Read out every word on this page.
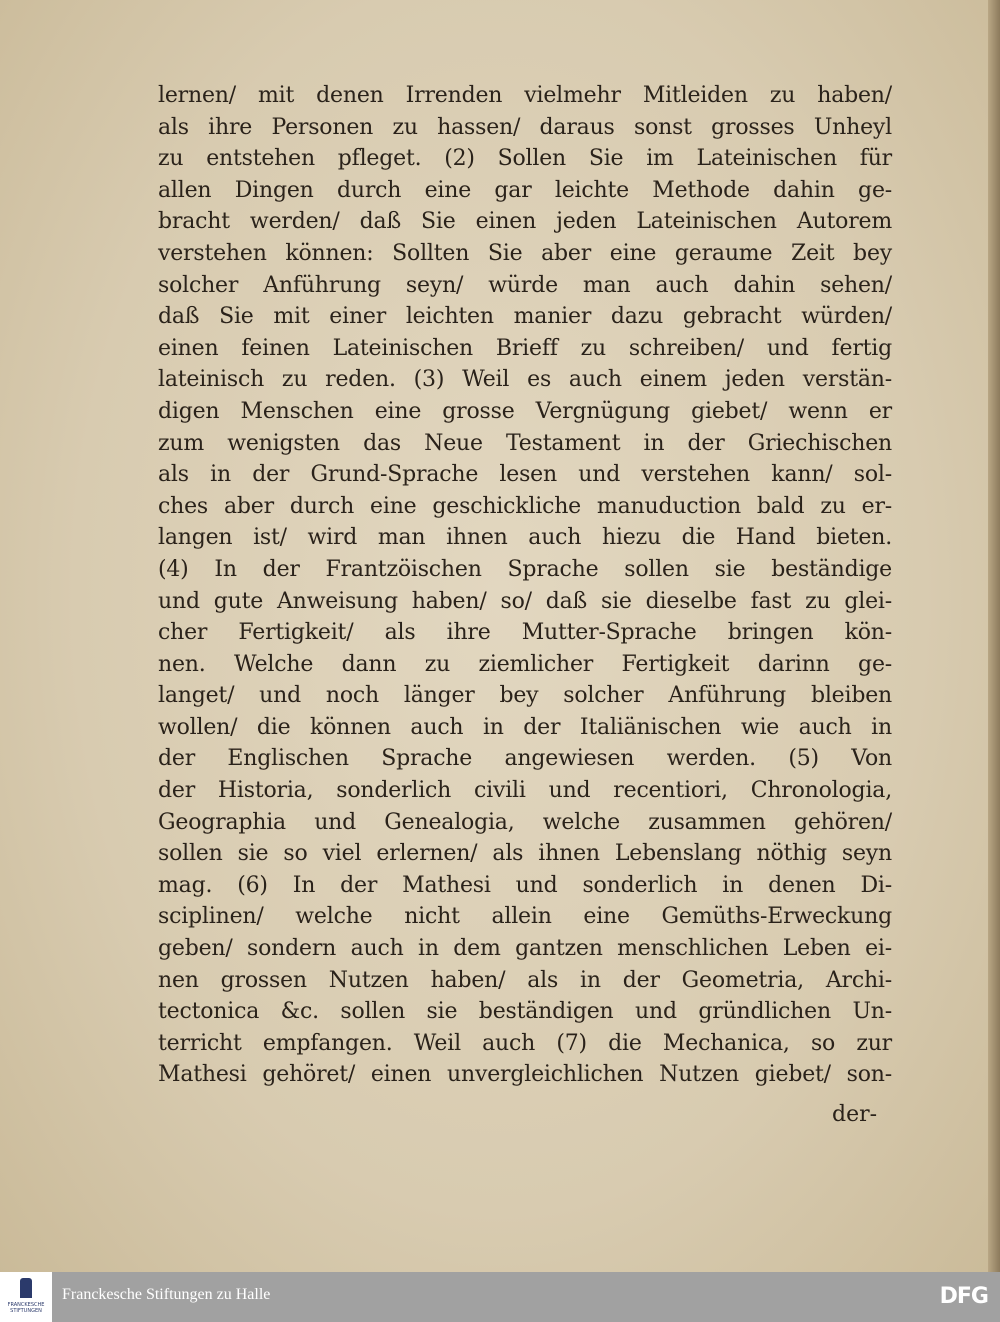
lernen/ mit denen Irrenden vielmehr Mitleiden zu haben/
als ihre Personen zu hassen/ daraus sonst grosses Unheyl
zu entstehen pfleget. (2) Sollen Sie im Lateinischen für
allen Dingen durch eine gar leichte Methode dahin ge-
bracht werden/ daß Sie einen jeden Lateinischen Autorem
verstehen können: Sollten Sie aber eine geraume Zeit bey
solcher Anführung seyn/ würde man auch dahin sehen/
daß Sie mit einer leichten manier dazu gebracht würden/
einen feinen Lateinischen Brieff zu schreiben/ und fertig
lateinisch zu reden. (3) Weil es auch einem jeden verstän-
digen Menschen eine grosse Vergnügung giebet/ wenn er
zum wenigsten das Neue Testament in der Griechischen
als in der Grund-Sprache lesen und verstehen kann/ sol-
ches aber durch eine geschickliche manuduction bald zu er-
langen ist/ wird man ihnen auch hiezu die Hand bieten.
(4) In der Frantzöischen Sprache sollen sie beständige
und gute Anweisung haben/ so/ daß sie dieselbe fast zu glei-
cher Fertigkeit/ als ihre Mutter-Sprache bringen kön-
nen. Welche dann zu ziemlicher Fertigkeit darinn ge-
langet/ und noch länger bey solcher Anführung bleiben
wollen/ die können auch in der Italiänischen wie auch in
der Englischen Sprache angewiesen werden. (5) Von
der Historia, sonderlich civili und recentiori, Chronologia,
Geographia und Genealogia, welche zusammen gehören/
sollen sie so viel erlernen/ als ihnen Lebenslang nöthig seyn
mag. (6) In der Mathesi und sonderlich in denen Di-
sciplinen/ welche nicht allein eine Gemüths-Erweckung
geben/ sondern auch in dem gantzen menschlichen Leben ei-
nen grossen Nutzen haben/ als in der Geometria, Archi-
tectonica &c. sollen sie beständigen und gründlichen Un-
terricht empfangen. Weil auch (7) die Mechanica, so zur
Mathesi gehöret/ einen unvergleichlichen Nutzen giebet/ son-
der-
FRANCKESCHE STIFTUNGEN
Franckesche Stiftungen zu Halle	DFG
